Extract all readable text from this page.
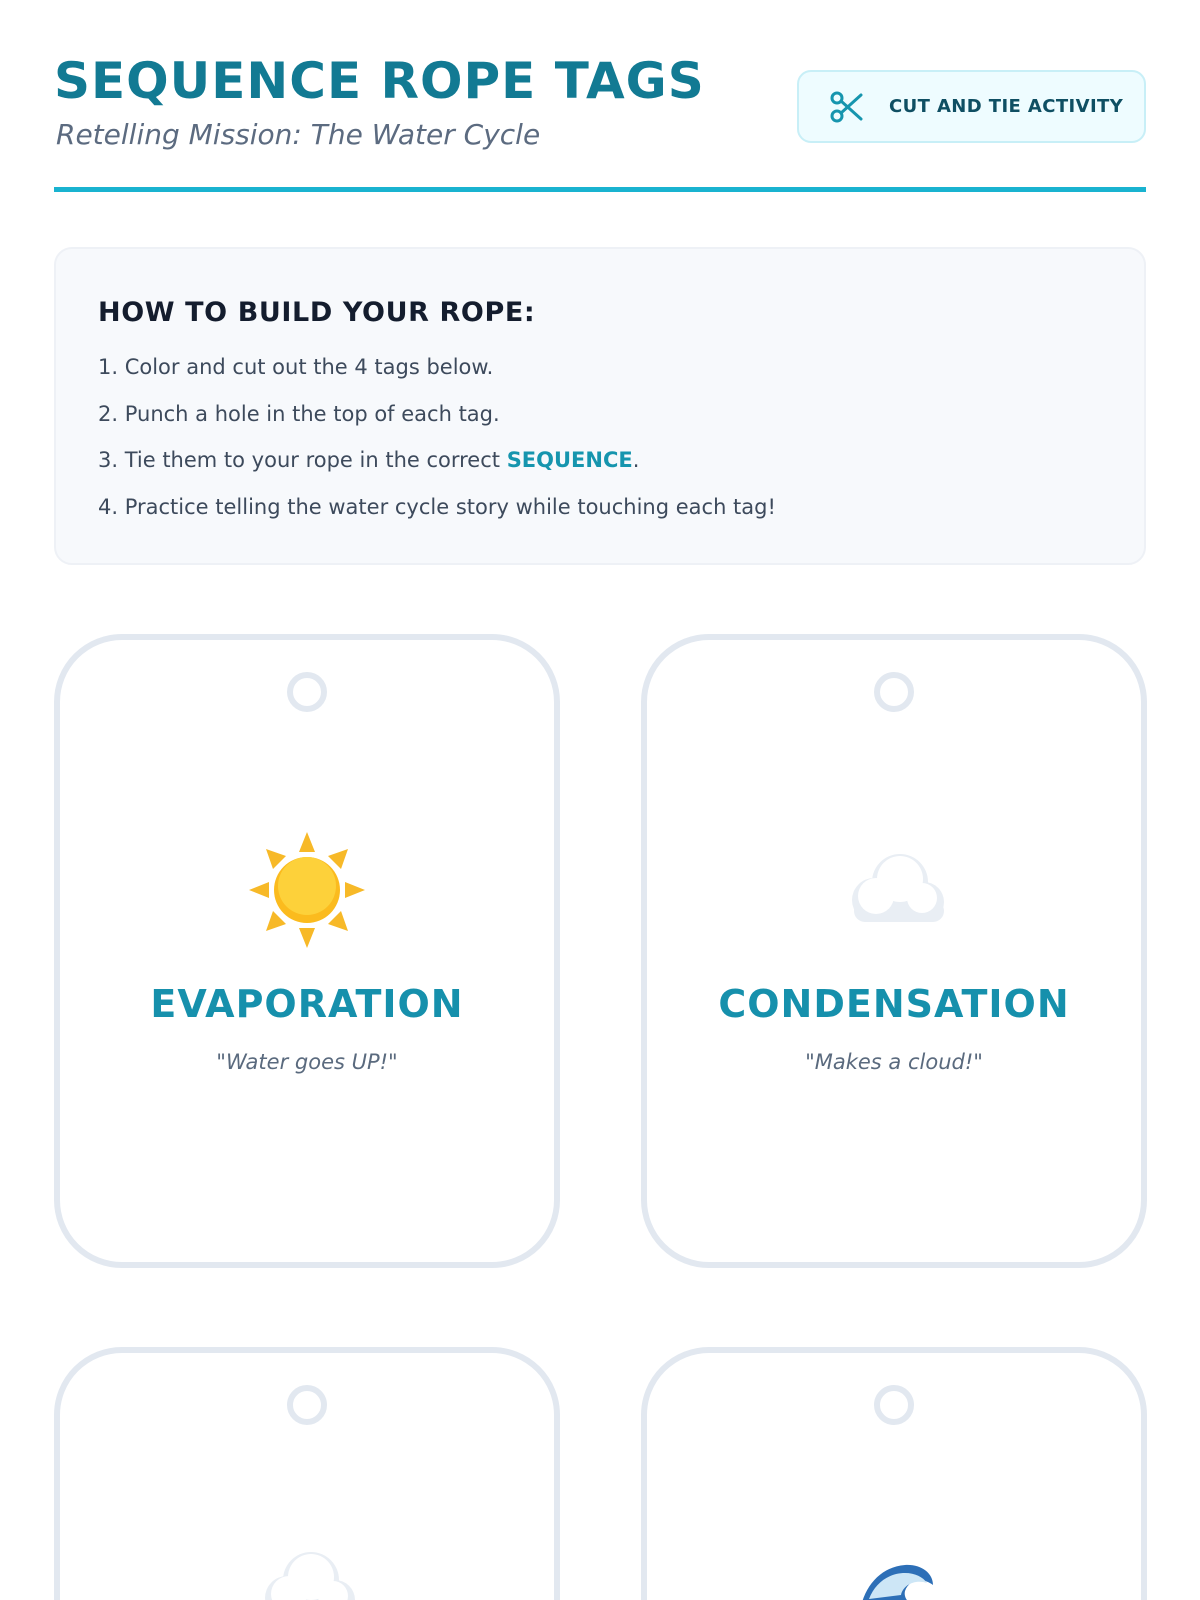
SEQUENCE ROPE TAGS
Retelling Mission: The Water Cycle
CUT AND TIE ACTIVITY
HOW TO BUILD YOUR ROPE:
1. Color and cut out the 4 tags below.
2. Punch a hole in the top of each tag.
3. Tie them to your rope in the correct SEQUENCE.
4. Practice telling the water cycle story while touching each tag!
EVAPORATION
"Water goes UP!"
CONDENSATION
"Makes a cloud!"
